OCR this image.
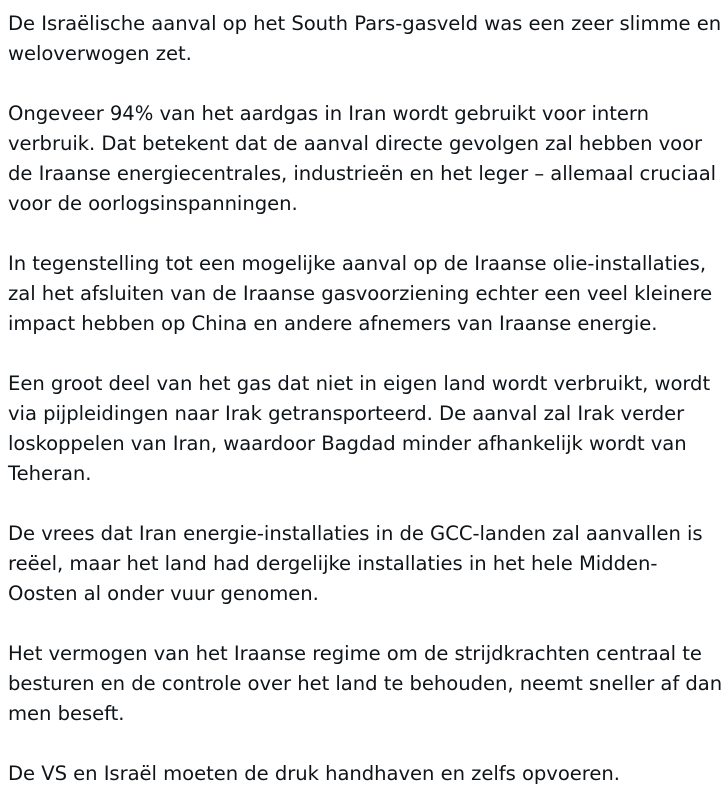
De Israëlische aanval op het South Pars-gasveld was een zeer slimme en weloverwogen zet.

Ongeveer 94% van het aardgas in Iran wordt gebruikt voor intern verbruik. Dat betekent dat de aanval directe gevolgen zal hebben voor de Iraanse energiecentrales, industrieën en het leger – allemaal cruciaal voor de oorlogsinspanningen.

In tegenstelling tot een mogelijke aanval op de Iraanse olie-installaties, zal het afsluiten van de Iraanse gasvoorziening echter een veel kleinere impact hebben op China en andere afnemers van Iraanse energie.

Een groot deel van het gas dat niet in eigen land wordt verbruikt, wordt via pijpleidingen naar Irak getransporteerd. De aanval zal Irak verder loskoppelen van Iran, waardoor Bagdad minder afhankelijk wordt van Teheran.

De vrees dat Iran energie-installaties in de GCC-landen zal aanvallen is reëel, maar het land had dergelijke installaties in het hele Midden-Oosten al onder vuur genomen.

Het vermogen van het Iraanse regime om de strijdkrachten centraal te besturen en de controle over het land te behouden, neemt sneller af dan men beseft.

De VS en Israël moeten de druk handhaven en zelfs opvoeren.
